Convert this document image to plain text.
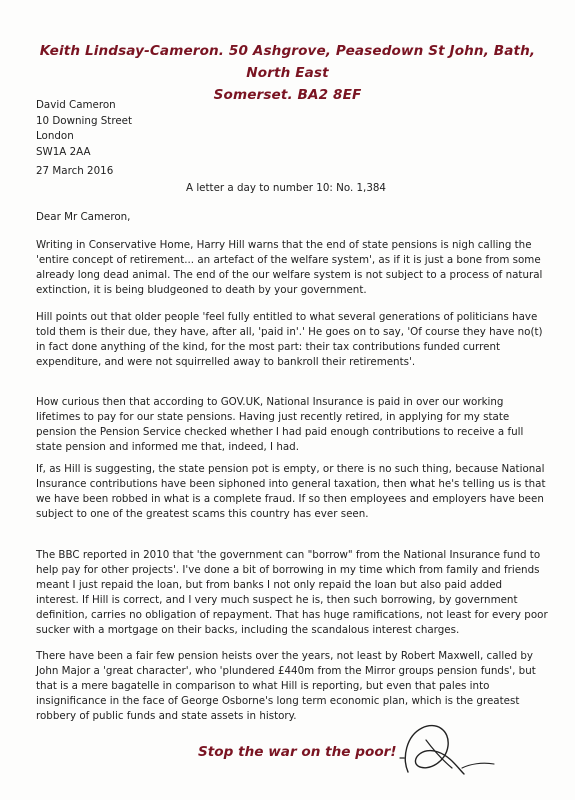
Keith Lindsay-Cameron. 50 Ashgrove, Peasedown St John, Bath, North East
Somerset. BA2 8EF
David Cameron
10 Downing Street
London
SW1A 2AA
27 March 2016
A letter a day to number 10: No. 1,384
Dear Mr Cameron,

Writing in Conservative Home, Harry Hill warns that the end of state pensions is nigh calling the 'entire concept of retirement... an artefact of the welfare system', as if it is just a bone from some already long dead animal. The end of the our welfare system is not subject to a process of natural extinction, it is being bludgeoned to death by your government.

Hill points out that older people 'feel fully entitled to what several generations of politicians have told them is their due, they have, after all, 'paid in'.' He goes on to say, 'Of course they have no(t) in fact done anything of the kind, for the most part: their tax contributions funded current expenditure, and were not squirrelled away to bankroll their retirements'.

How curious then that according to GOV.UK, National Insurance is paid in over our working lifetimes to pay for our state pensions. Having just recently retired, in applying for my state pension the Pension Service checked whether I had paid enough contributions to receive a full state pension and informed me that, indeed, I had.

If, as Hill is suggesting, the state pension pot is empty, or there is no such thing, because National Insurance contributions have been siphoned into general taxation, then what he's telling us is that we have been robbed in what is a complete fraud. If so then employees and employers have been subject to one of the greatest scams this country has ever seen.

The BBC reported in 2010 that 'the government can "borrow" from the National Insurance fund to help pay for other projects'. I've done a bit of borrowing in my time which from family and friends meant I just repaid the loan, but from banks I not only repaid the loan but also paid added interest. If Hill is correct, and I very much suspect he is, then such borrowing, by government definition, carries no obligation of repayment. That has huge ramifications, not least for every poor sucker with a mortgage on their backs, including the scandalous interest charges.

There have been a fair few pension heists over the years, not least by Robert Maxwell, called by John Major a 'great character', who 'plundered £440m from the Mirror groups pension funds', but that is a mere bagatelle in comparison to what Hill is reporting, but even that pales into insignificance in the face of George Osborne's long term economic plan, which is the greatest robbery of public funds and state assets in history.

Stop the war on the poor!
